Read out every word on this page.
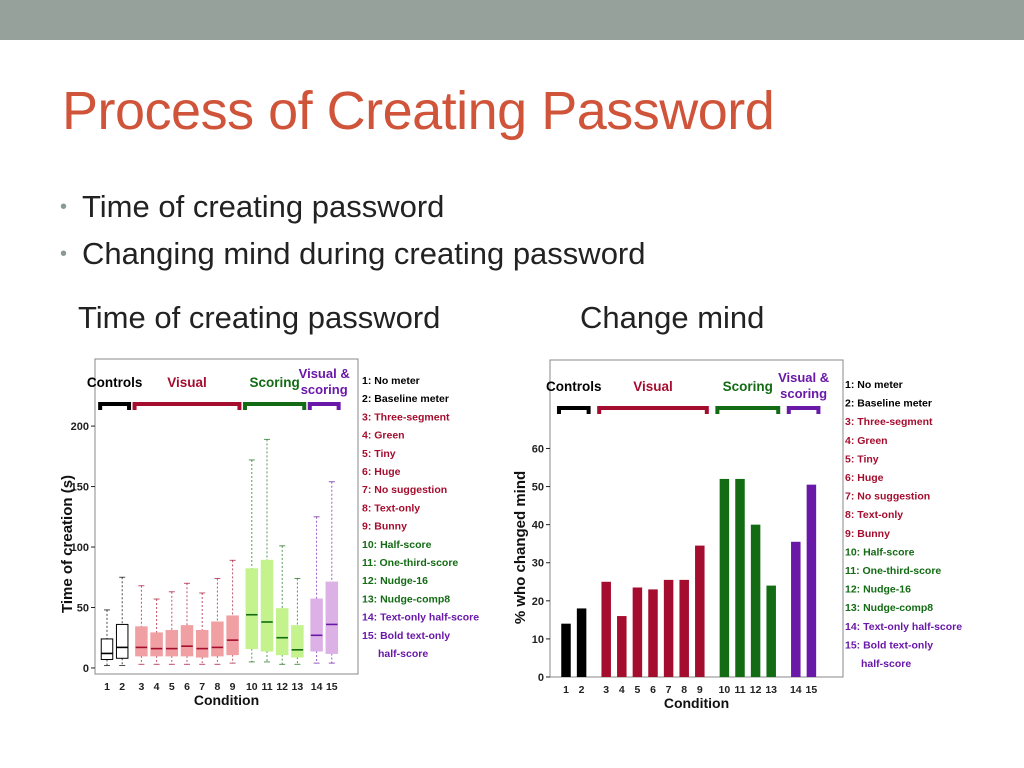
Process of Creating Password
• Time of creating password
• Changing mind during creating password
Time of creating password	Change mind
0
50
100
150
200
Time of creation (s)
1 2 3 4 5 6 7 8 9 10 11 12 13 14 15
Condition
Controls Visual	Scoring
Visual &
scoring
1: No meter
2: Baseline meter
3: Three-segment
4: Green
5: Tiny
6: Huge
7: No suggestion
8: Text-only
9: Bunny
10: Half-score
11: One-third-score
12: Nudge-16
13: Nudge-comp8
14: Text-only half-score
15: Bold text-only
half-score
0
10
20
30
40
50
60
% who changed mind
1 2 3 4 5 6 7 8 9 10 11 12 13 14 15
Condition
Controls Visual	Scoring
Visual &
scoring
1: No meter
2: Baseline meter
3: Three-segment
4: Green
5: Tiny
6: Huge
7: No suggestion
8: Text-only
9: Bunny
10: Half-score
11: One-third-score
12: Nudge-16
13: Nudge-comp8
14: Text-only half-score
15: Bold text-only
half-score
